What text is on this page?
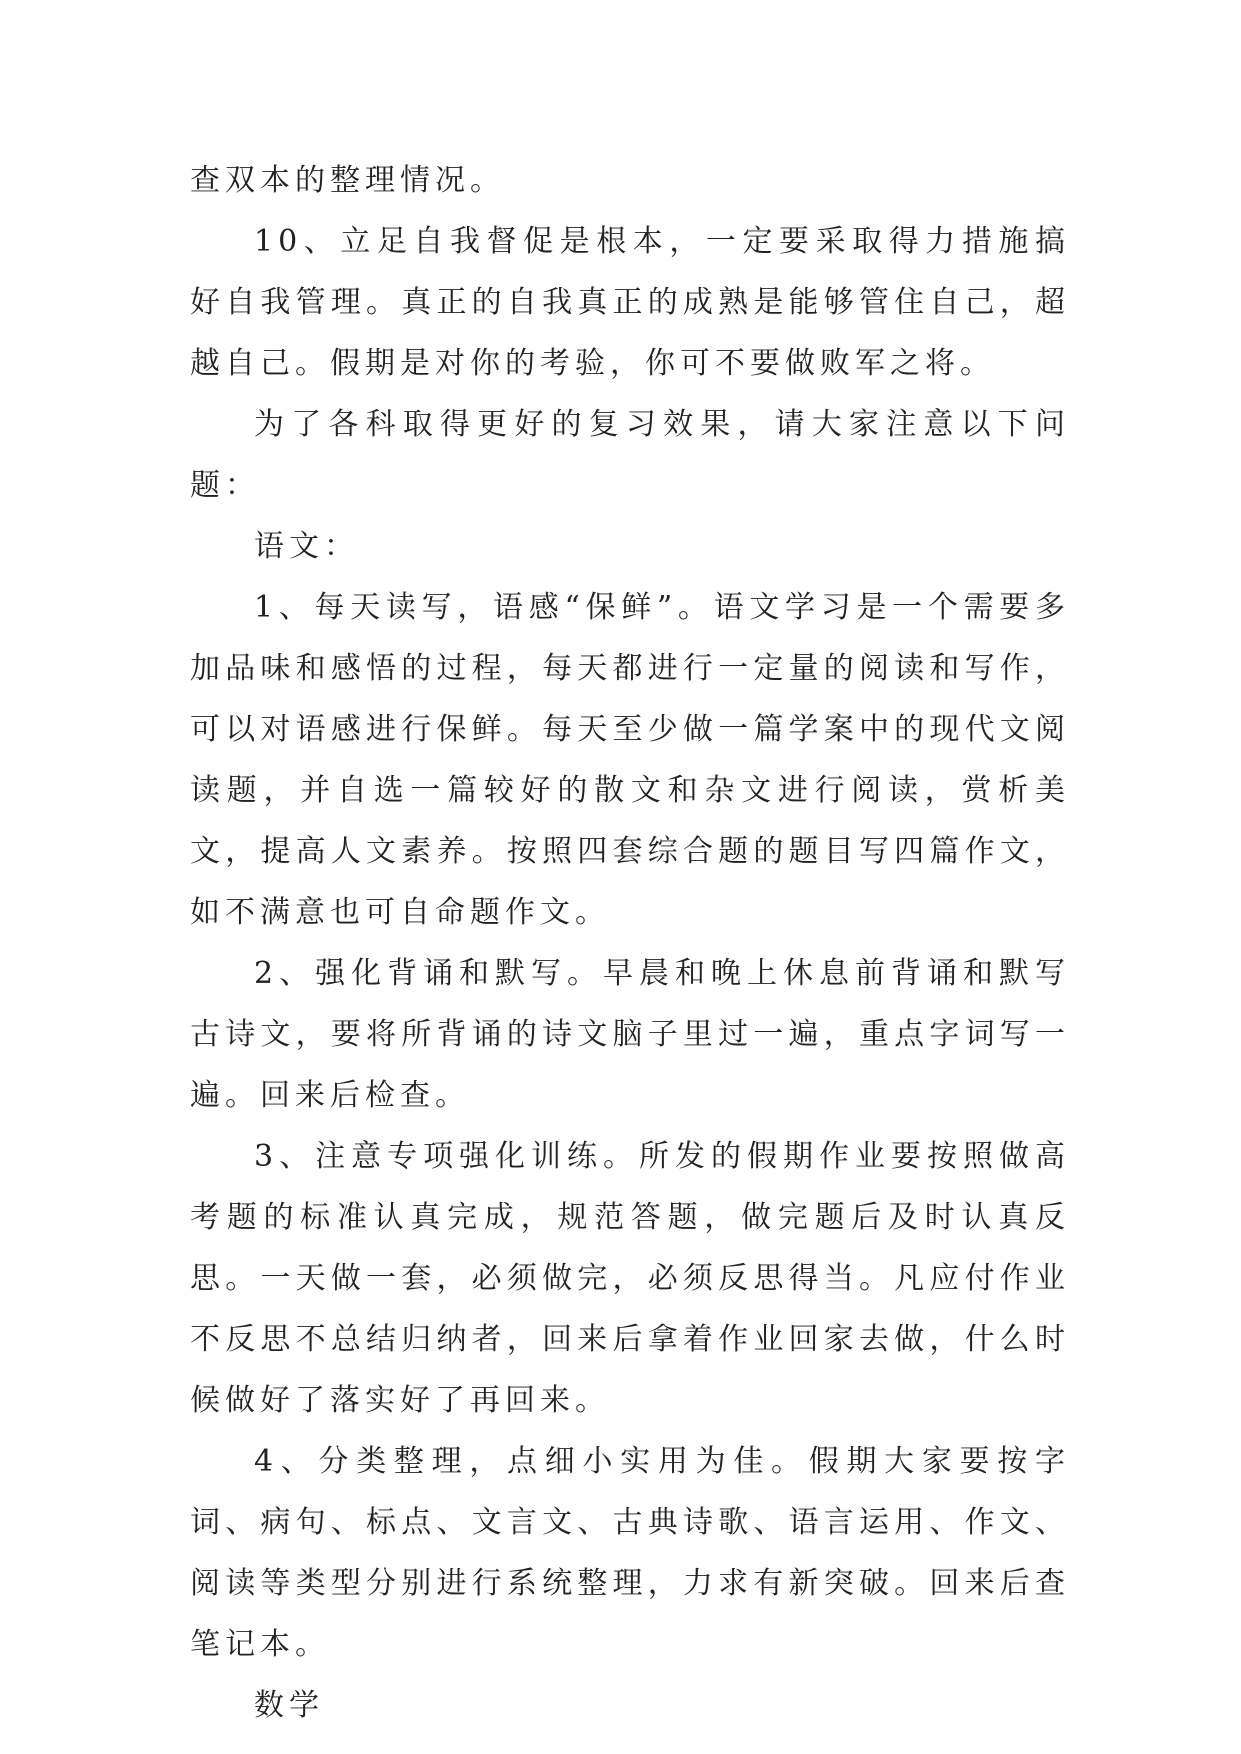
查双本的整理情况。

10、立足自我督促是根本，一定要采取得力措施搞好自我管理。真正的自我真正的成熟是能够管住自己，超越自己。假期是对你的考验，你可不要做败军之将。

为了各科取得更好的复习效果，请大家注意以下问题：

语文：

1、每天读写，语感“保鲜”。语文学习是一个需要多加品味和感悟的过程，每天都进行一定量的阅读和写作，可以对语感进行保鲜。每天至少做一篇学案中的现代文阅读题，并自选一篇较好的散文和杂文进行阅读，赏析美文，提高人文素养。按照四套综合题的题目写四篇作文，如不满意也可自命题作文。

2、强化背诵和默写。早晨和晚上休息前背诵和默写古诗文，要将所背诵的诗文脑子里过一遍，重点字词写一遍。回来后检查。

3、注意专项强化训练。所发的假期作业要按照做高考题的标准认真完成，规范答题，做完题后及时认真反思。一天做一套，必须做完，必须反思得当。凡应付作业不反思不总结归纳者，回来后拿着作业回家去做，什么时候做好了落实好了再回来。

4、分类整理，点细小实用为佳。假期大家要按字词、病句、标点、文言文、古典诗歌、语言运用、作文、阅读等类型分别进行系统整理，力求有新突破。回来后查笔记本。

数学
